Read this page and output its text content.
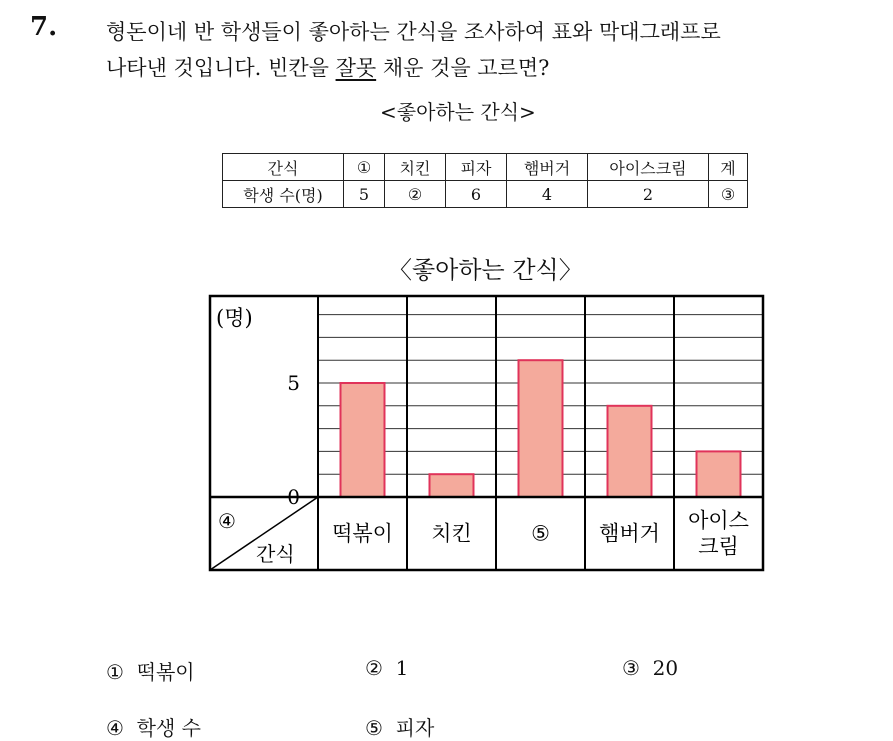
7. 형돈이네 반 학생들이 좋아하는 간식을 조사하여 표와 막대그래프로
나타낸 것입니다. 빈칸을 잘못 채운 것을 고르면?
<좋아하는 간식>
간식	①	치킨	피자	햄버거	아이스크림	계
학생 수(명)	5	②	6	4	2	③
〈좋아하는 간식〉
(명)
0
5
④
간식
떡볶이 치킨	⑤ 햄버거
아이스
크림
① 떡볶이	② 1	③ 20
④ 학생 수	⑤ 피자
